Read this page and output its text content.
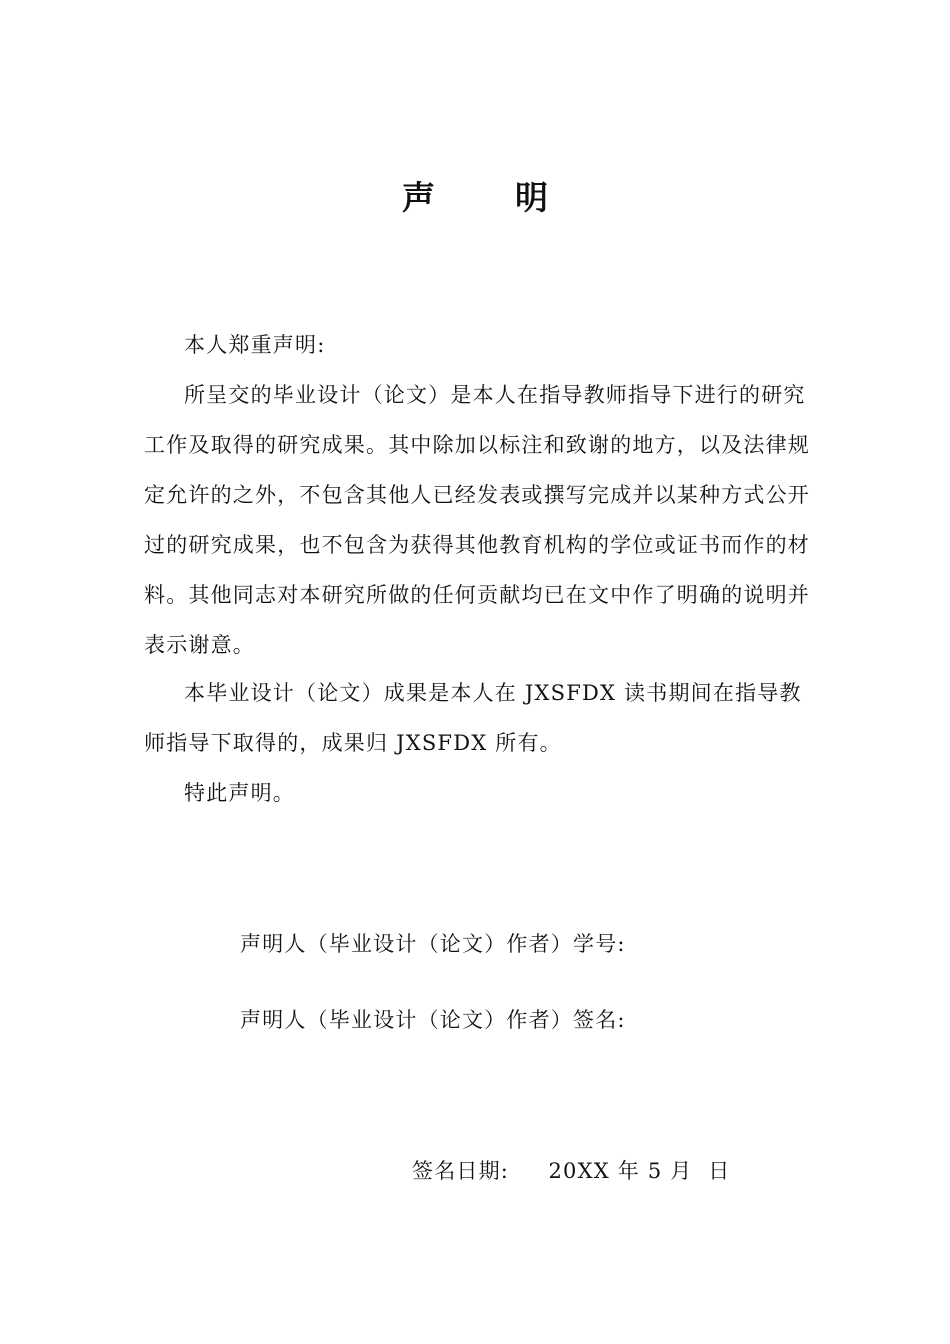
声明

本人郑重声明:

所呈交的毕业设计（论文）是本人在指导教师指导下进行的研究工作及取得的研究成果。其中除加以标注和致谢的地方，以及法律规定允许的之外，不包含其他人已经发表或撰写完成并以某种方式公开过的研究成果，也不包含为获得其他教育机构的学位或证书而作的材料。其他同志对本研究所做的任何贡献均已在文中作了明确的说明并表示谢意。

本毕业设计（论文）成果是本人在 JXSFDX 读书期间在指导教师指导下取得的，成果归 JXSFDX 所有。

特此声明。

声明人（毕业设计（论文）作者）学号:
声明人（毕业设计（论文）作者）签名:
签名日期:     20XX 年 5 月  日
